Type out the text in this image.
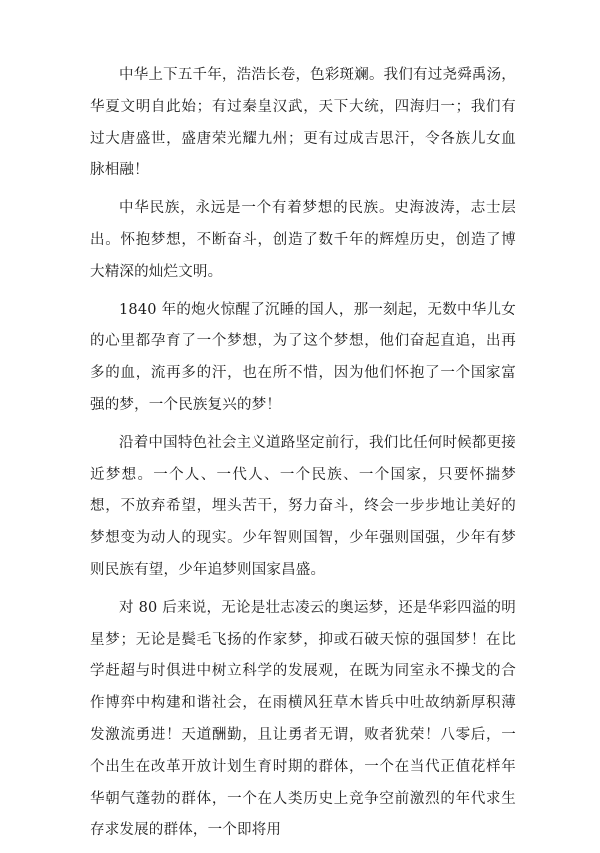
中华上下五千年，浩浩长卷，色彩斑斓。我们有过尧舜禹汤，华夏文明自此始；有过秦皇汉武，天下大统，四海归一；我们有过大唐盛世，盛唐荣光耀九州；更有过成吉思汗，令各族儿女血脉相融！

中华民族，永远是一个有着梦想的民族。史海波涛，志士层出。怀抱梦想，不断奋斗，创造了数千年的辉煌历史，创造了博大精深的灿烂文明。

1840 年的炮火惊醒了沉睡的国人，那一刻起，无数中华儿女的心里都孕育了一个梦想，为了这个梦想，他们奋起直追，出再多的血，流再多的汗，也在所不惜，因为他们怀抱了一个国家富强的梦，一个民族复兴的梦！

沿着中国特色社会主义道路坚定前行，我们比任何时候都更接近梦想。一个人、一代人、一个民族、一个国家，只要怀揣梦想，不放弃希望，埋头苦干，努力奋斗，终会一步步地让美好的梦想变为动人的现实。少年智则国智，少年强则国强，少年有梦则民族有望，少年追梦则国家昌盛。

对 80 后来说，无论是壮志凌云的奥运梦，还是华彩四溢的明星梦；无论是鬓毛飞扬的作家梦，抑或石破天惊的强国梦！在比学赶超与时俱进中树立科学的发展观，在既为同室永不操戈的合作博弈中构建和谐社会，在雨横风狂草木皆兵中吐故纳新厚积薄发激流勇进！天道酬勤，且让勇者无谓，败者犹荣！八零后，一个出生在改革开放计划生育时期的群体，一个在当代正值花样年华朝气蓬勃的群体，一个在人类历史上竞争空前激烈的年代求生存求发展的群体，一个即将用
